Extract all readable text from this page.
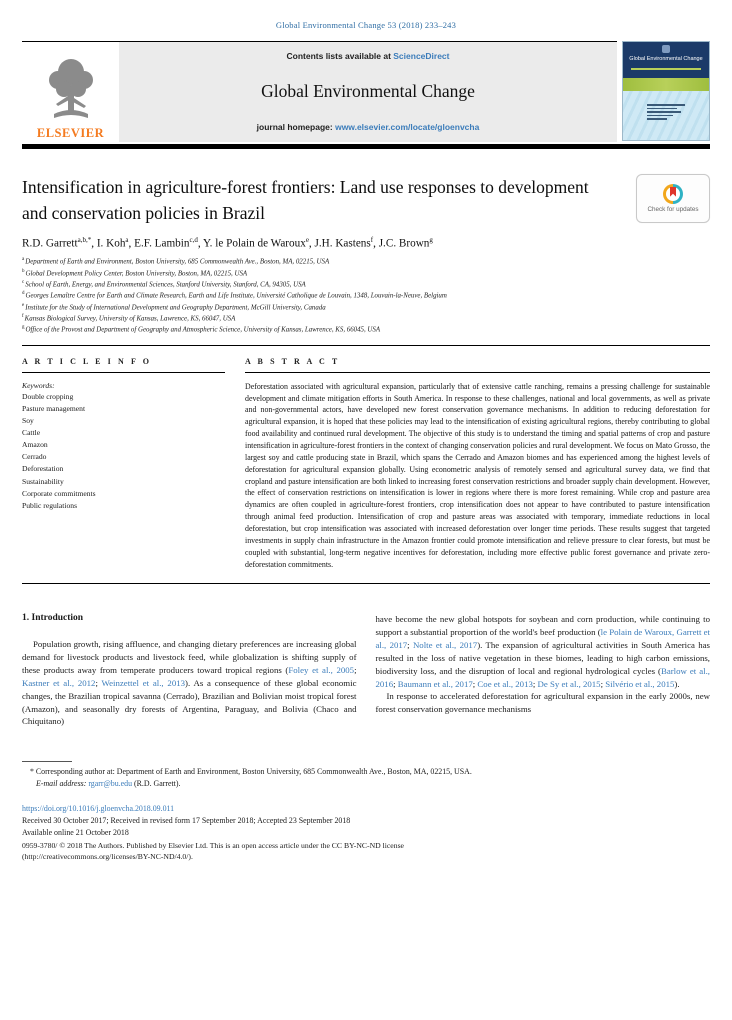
Global Environmental Change 53 (2018) 233–243
ELSEVIER
Contents lists available at ScienceDirect
Global Environmental Change
journal homepage: www.elsevier.com/locate/gloenvcha
Global Environmental Change
Intensification in agriculture-forest frontiers: Land use responses to development and conservation policies in Brazil	Check for updates
R.D. Garrett$^{a,b,*}$, I. Koh$^a$, E.F. Lambin$^{c,d}$, Y. le Polain de Waroux$^e$, J.H. Kastens$^f$, J.C. Brown$^g$
$^a$Department of Earth and Environment, Boston University, 685 Commonwealth Ave., Boston, MA, 02215, USA
$^b$Global Development Policy Center, Boston University, Boston, MA, 02215, USA
$^c$School of Earth, Energy, and Environmental Sciences, Stanford University, Stanford, CA, 94305, USA
$^d$Georges Lemaître Centre for Earth and Climate Research, Earth and Life Institute, Université Catholique de Louvain, 1348, Louvain-la-Neuve, Belgium
$^e$Institute for the Study of International Development and Geography Department, McGill University, Canada
$^f$Kansas Biological Survey, University of Kansas, Lawrence, KS, 66047, USA
$^g$Office of the Provost and Department of Geography and Atmospheric Science, University of Kansas, Lawrence, KS, 66045, USA
A R T I C L E I N F O
Keywords:
Double cropping
Pasture management
Soy
Cattle
Amazon
Cerrado
Deforestation
Sustainability
Corporate commitments
Public regulations
A B S T R A C T
Deforestation associated with agricultural expansion, particularly that of extensive cattle ranching, remains a pressing challenge for sustainable development and climate mitigation efforts in South America. In response to these challenges, national and local governments, as well as private and non-governmental actors, have developed new forest conservation governance mechanisms. In addition to reducing deforestation for agricultural expansion, it is hoped that these policies may lead to the intensification of existing agricultural regions, thereby contributing to global food availability and continued rural development. The objective of this study is to understand the timing and spatial patterns of crop and pasture intensification in agriculture-forest frontiers in the context of changing conservation policies and rural development. We focus on Mato Grosso, the largest soy and cattle producing state in Brazil, which spans the Cerrado and Amazon biomes and has experienced among the highest levels of deforestation for agricultural expansion globally. Using econometric analysis of remotely sensed and agricultural survey data, we find that cropland and pasture intensification are both linked to increasing forest conservation restrictions and broader supply chain development. However, the effect of conservation restrictions on intensification is lower in regions where there is more forest remaining. While crop and pasture area dynamics are often coupled in agriculture-forest frontiers, crop intensification does not appear to have contributed to pasture intensification through animal feed production. Intensification of crop and pasture areas was associated with temporary, immediate reductions in local deforestation, but crop intensification was associated with increased deforestation over longer time periods. These results suggest that targeted investments in supply chain infrastructure in the Amazon frontier could promote intensification and relieve pressure to clear forests, but must be coupled with substantial, long-term negative incentives for deforestation, including more effective public forest governance and private zero-deforestation commitments.
1. Introduction

Population growth, rising affluence, and changing dietary preferences are increasing global demand for livestock products and livestock feed, while globalization is shifting supply of these products away from temperate producers toward tropical regions (Foley et al., 2005; Kastner et al., 2012; Weinzettel et al., 2013). As a consequence of these global economic changes, the Brazilian tropical savanna (Cerrado), Brazilian and Bolivian moist tropical forest (Amazon), and seasonally dry forests of Argentina, Paraguay, and Bolivia (Chaco and Chiquitano)

have become the new global hotspots for soybean and corn production, while continuing to support a substantial proportion of the world's beef production (le Polain de Waroux, Garrett et al., 2017; Nolte et al., 2017). The expansion of agricultural activities in South America has resulted in the loss of native vegetation in these biomes, leading to high carbon emissions, biodiversity loss, and the disruption of local and regional hydrological cycles (Barlow et al., 2016; Baumann et al., 2017; Coe et al., 2013; De Sy et al., 2015; Silvério et al., 2015).

In response to accelerated deforestation for agricultural expansion in the early 2000s, new forest conservation governance mechanisms

* Corresponding author at: Department of Earth and Environment, Boston University, 685 Commonwealth Ave., Boston, MA, 02215, USA.
E-mail address: rgarr@bu.edu (R.D. Garrett).
https://doi.org/10.1016/j.gloenvcha.2018.09.011
Received 30 October 2017; Received in revised form 17 September 2018; Accepted 23 September 2018
Available online 21 October 2018
0959-3780/ © 2018 The Authors. Published by Elsevier Ltd. This is an open access article under the CC BY-NC-ND license
(http://creativecommons.org/licenses/BY-NC-ND/4.0/).
